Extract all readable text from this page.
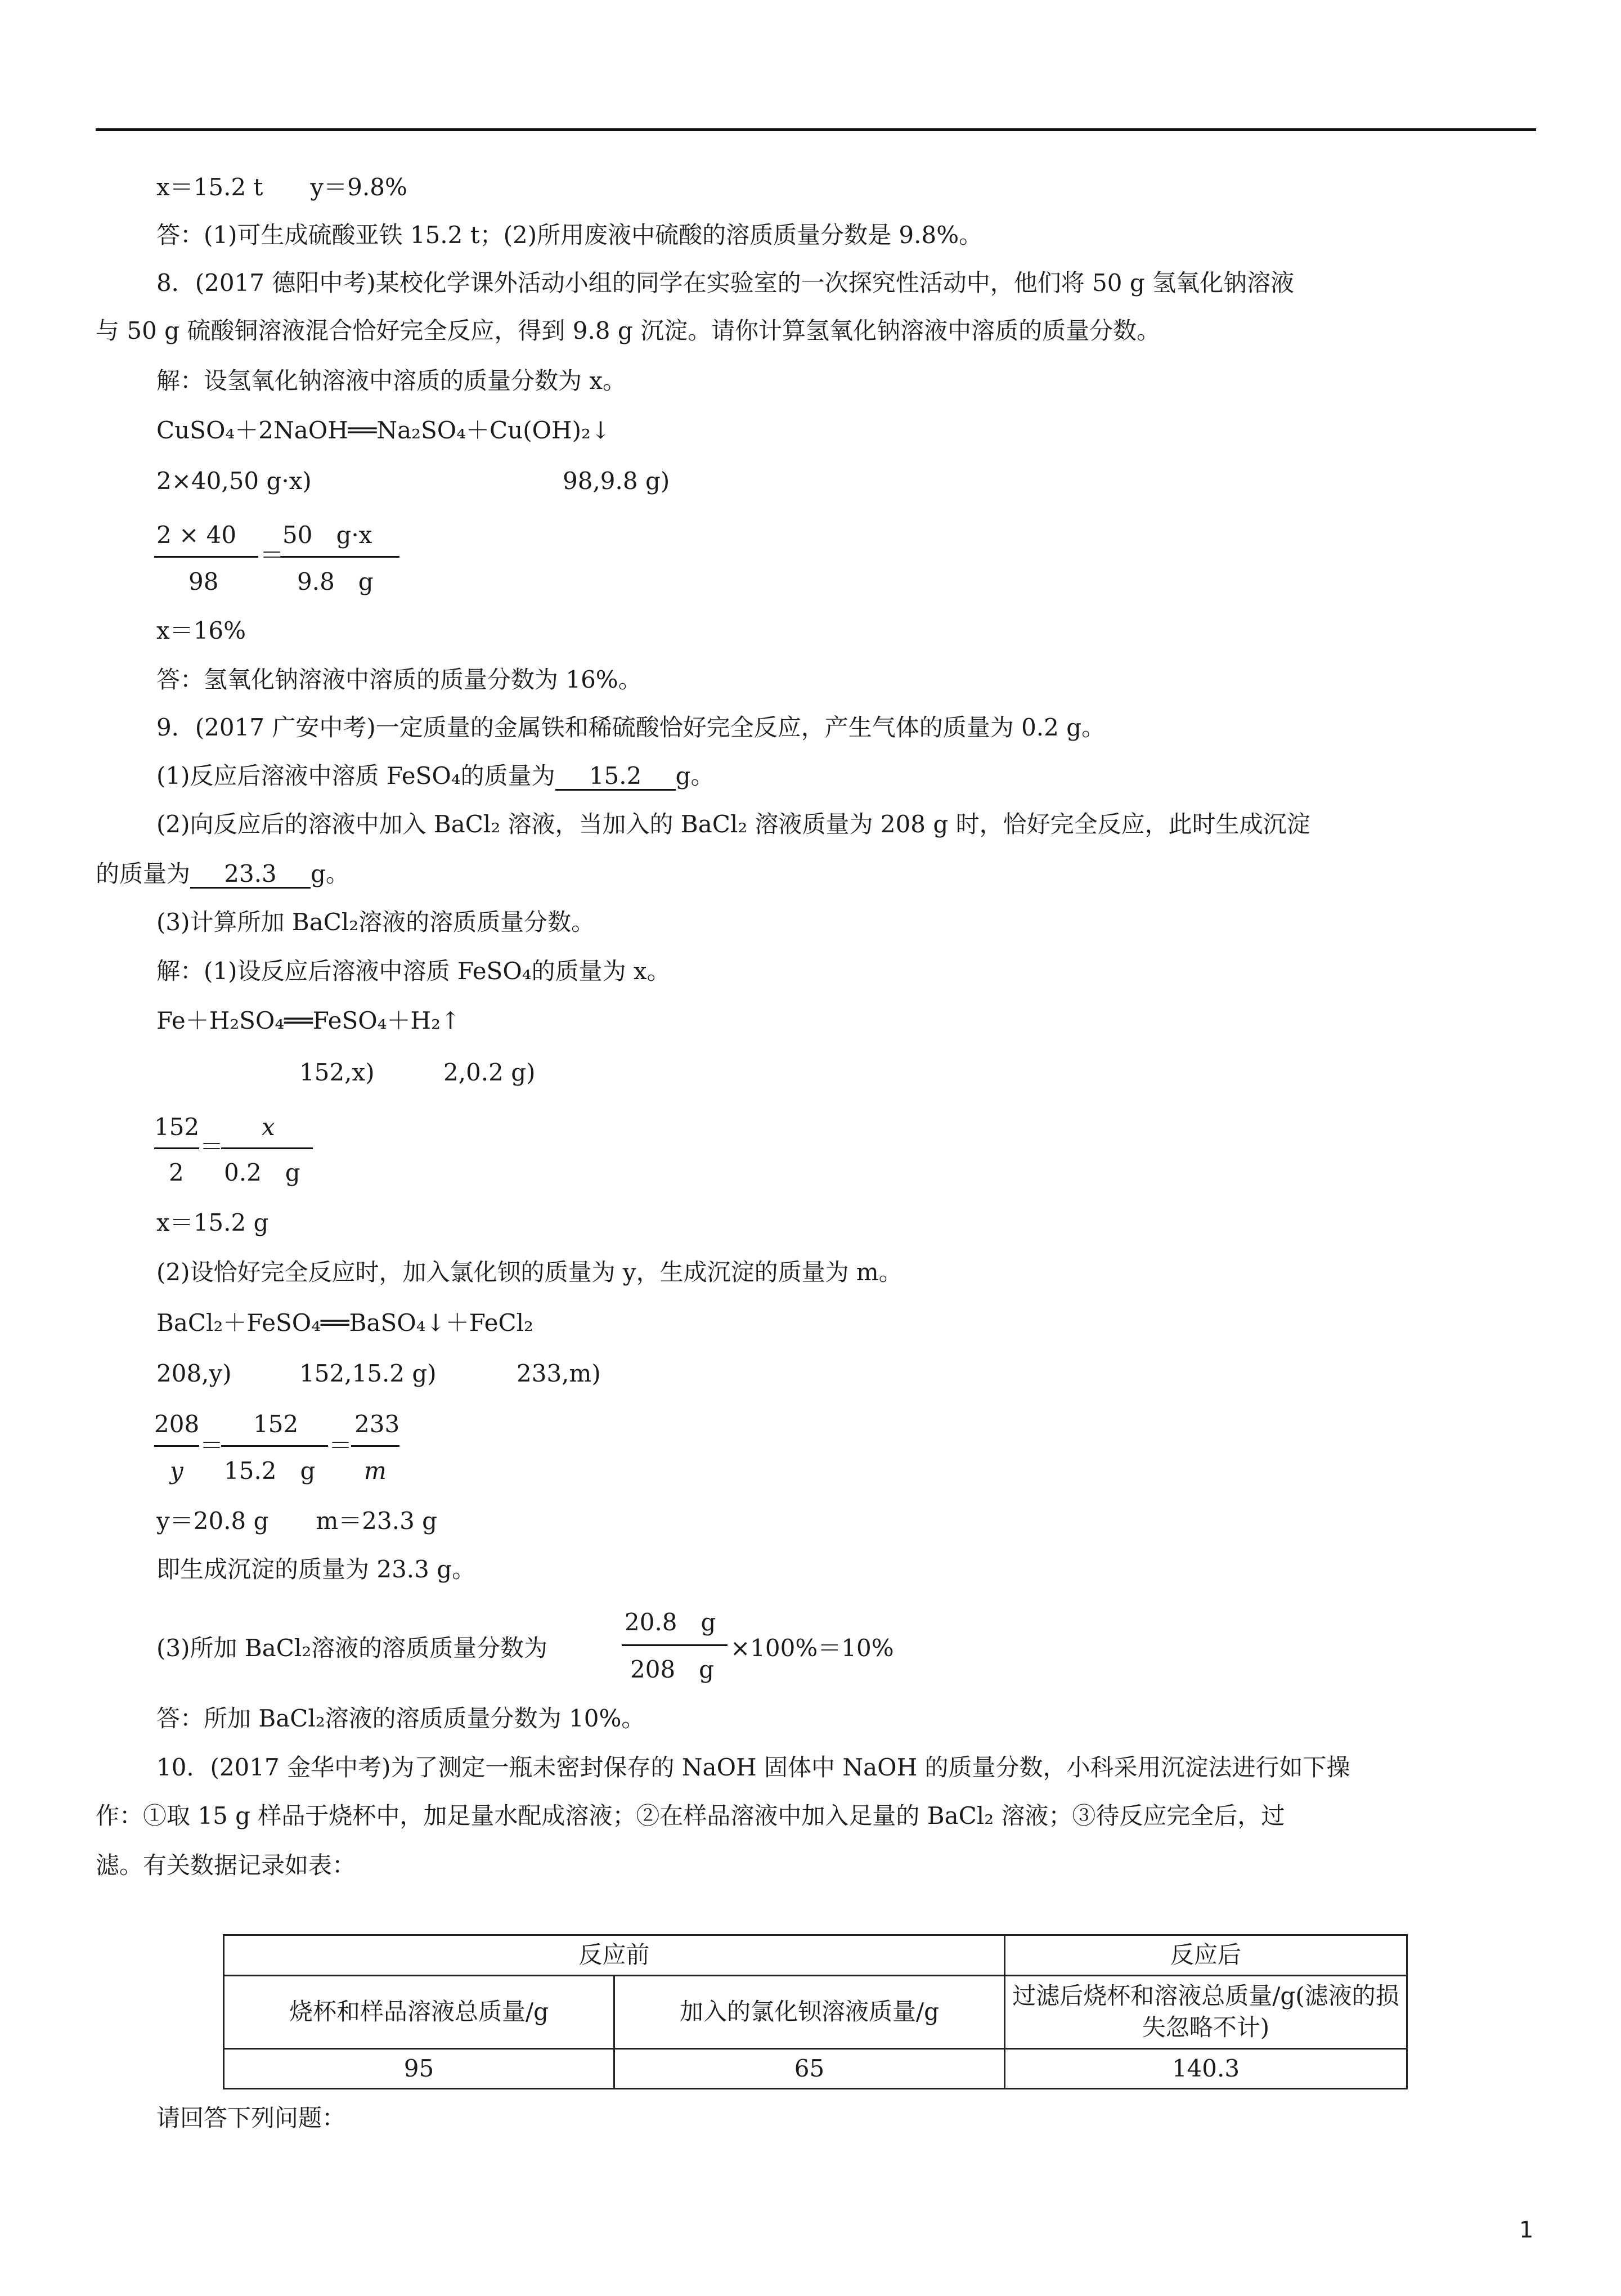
x＝15.2 t　　y＝9.8%
答：(1)可生成硫酸亚铁 15.2 t；(2)所用废液中硫酸的溶质质量分数是 9.8%。
8．(2017 德阳中考)某校化学课外活动小组的同学在实验室的一次探究性活动中，他们将 50 g 氢氧化钠溶液
与 50 g 硫酸铜溶液混合恰好完全反应，得到 9.8 g 沉淀。请你计算氢氧化钠溶液中溶质的质量分数。
解：设氢氧化钠溶液中溶质的质量分数为 x。
CuSO₄＋2NaOH══Na₂SO₄＋Cu(OH)₂↓
2×40,50 g·x)	98,9.8 g)
2 × 40
98
＝
50　g·x
9.8　g
x＝16%
答：氢氧化钠溶液中溶质的质量分数为 16%。
9．(2017 广安中考)一定质量的金属铁和稀硫酸恰好完全反应，产生气体的质量为 0.2 g。
(1)反应后溶液中溶质 FeSO₄的质量为 15.2 g。
(2)向反应后的溶液中加入 BaCl₂ 溶液，当加入的 BaCl₂ 溶液质量为 208 g 时，恰好完全反应，此时生成沉淀
的质量为 23.3 g。
(3)计算所加 BaCl₂溶液的溶质质量分数。
解：(1)设反应后溶液中溶质 FeSO₄的质量为 x。
Fe＋H₂SO₄══FeSO₄＋H₂↑
152,x)	2,0.2 g)
152
2
＝
x
0.2　g
x＝15.2 g
(2)设恰好完全反应时，加入氯化钡的质量为 y，生成沉淀的质量为 m。
BaCl₂＋FeSO₄══BaSO₄↓＋FeCl₂
208,y)	152,15.2 g)	233,m)
208
y
＝
152
15.2　g
＝
233
m
y＝20.8 g　　m＝23.3 g
即生成沉淀的质量为 23.3 g。
(3)所加 BaCl₂溶液的溶质质量分数为
20.8　g
208　g
×100%＝10%
答：所加 BaCl₂溶液的溶质质量分数为 10%。
10．(2017 金华中考)为了测定一瓶未密封保存的 NaOH 固体中 NaOH 的质量分数，小科采用沉淀法进行如下操
作：①取 15 g 样品于烧杯中，加足量水配成溶液；②在样品溶液中加入足量的 BaCl₂ 溶液；③待反应完全后，过
滤。有关数据记录如表：
反应前		反应后
烧杯和样品溶液总质量/g	加入的氯化钡溶液质量/g	过滤后烧杯和溶液总质量/g(滤液的损失忽略不计)
95	65	140.3
请回答下列问题：
1
